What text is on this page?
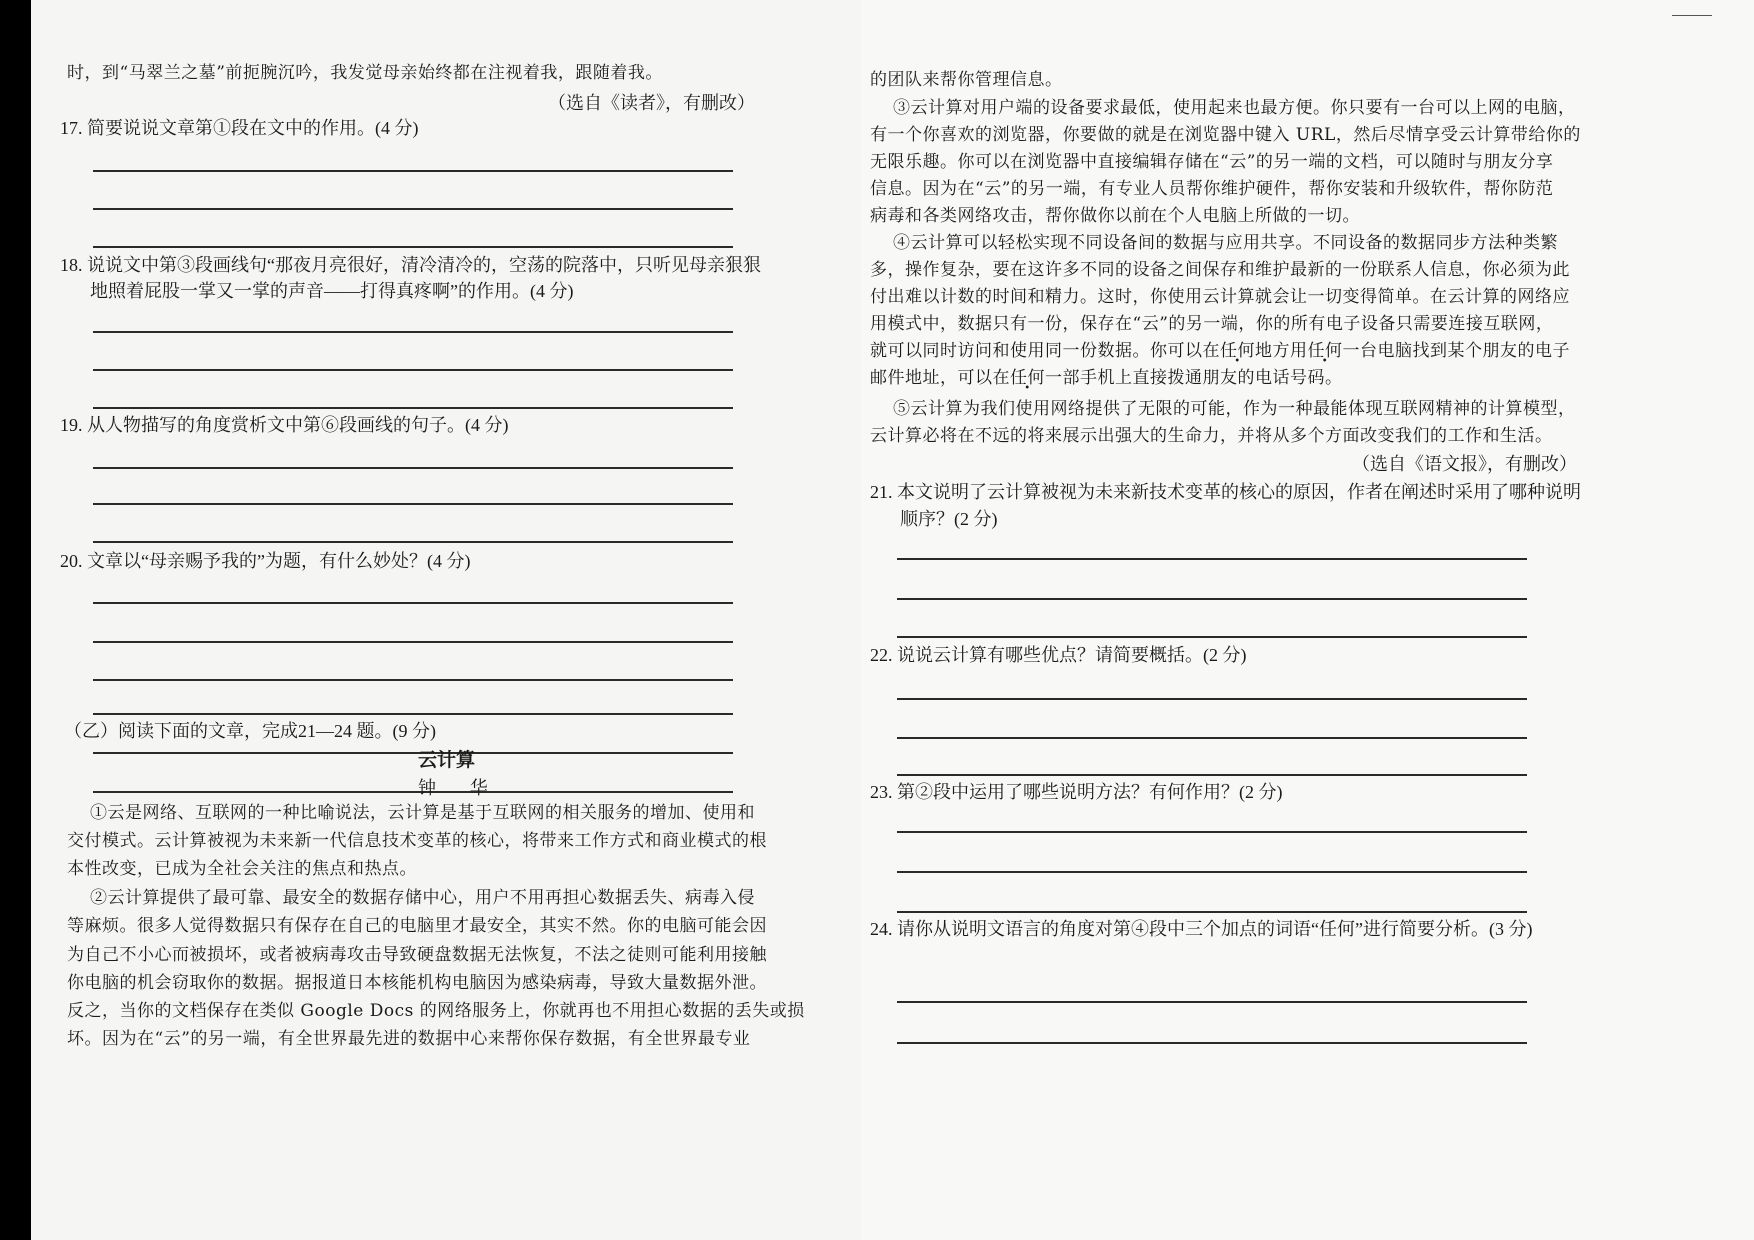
时，到“马翠兰之墓”前扼腕沉吟，我发觉母亲始终都在注视着我，跟随着我。
（选自《读者》，有删改）
17. 简要说说文章第①段在文中的作用。(4 分)
18. 说说文中第③段画线句“那夜月亮很好，清冷清冷的，空荡的院落中，只听见母亲狠狠
地照着屁股一掌又一掌的声音——打得真疼啊”的作用。(4 分)
19. 从人物描写的角度赏析文中第⑥段画线的句子。(4 分)
20. 文章以“母亲赐予我的”为题，有什么妙处？(4 分)
（乙）阅读下面的文章，完成21—24 题。(9 分)
云计算
钟 华
①云是网络、互联网的一种比喻说法，云计算是基于互联网的相关服务的增加、使用和
交付模式。云计算被视为未来新一代信息技术变革的核心，将带来工作方式和商业模式的根
本性改变，已成为全社会关注的焦点和热点。
②云计算提供了最可靠、最安全的数据存储中心，用户不用再担心数据丢失、病毒入侵
等麻烦。很多人觉得数据只有保存在自己的电脑里才最安全，其实不然。你的电脑可能会因
为自己不小心而被损坏，或者被病毒攻击导致硬盘数据无法恢复，不法之徒则可能利用接触
你电脑的机会窃取你的数据。据报道日本核能机构电脑因为感染病毒，导致大量数据外泄。
反之，当你的文档保存在类似 Google Docs 的网络服务上，你就再也不用担心数据的丢失或损
坏。因为在“云”的另一端，有全世界最先进的数据中心来帮你保存数据，有全世界最专业
的团队来帮你管理信息。
③云计算对用户端的设备要求最低，使用起来也最方便。你只要有一台可以上网的电脑，
有一个你喜欢的浏览器，你要做的就是在浏览器中键入 URL，然后尽情享受云计算带给你的
无限乐趣。你可以在浏览器中直接编辑存储在“云”的另一端的文档，可以随时与朋友分享
信息。因为在“云”的另一端，有专业人员帮你维护硬件，帮你安装和升级软件，帮你防范
病毒和各类网络攻击，帮你做你以前在个人电脑上所做的一切。
④云计算可以轻松实现不同设备间的数据与应用共享。不同设备的数据同步方法种类繁
多，操作复杂，要在这许多不同的设备之间保存和维护最新的一份联系人信息，你必须为此
付出难以计数的时间和精力。这时，你使用云计算就会让一切变得简单。在云计算的网络应
用模式中，数据只有一份，保存在“云”的另一端，你的所有电子设备只需要连接互联网，
就可以同时访问和使用同一份数据。你可以在任何地方用任何一台电脑找到某个朋友的电子
邮件地址，可以在任何一部手机上直接拨通朋友的电话号码。
⑤云计算为我们使用网络提供了无限的可能，作为一种最能体现互联网精神的计算模型，
云计算必将在不远的将来展示出强大的生命力，并将从多个方面改变我们的工作和生活。
（选自《语文报》，有删改）
21. 本文说明了云计算被视为未来新技术变革的核心的原因，作者在阐述时采用了哪种说明
顺序？(2 分)
22. 说说云计算有哪些优点？请简要概括。(2 分)
23. 第②段中运用了哪些说明方法？有何作用？(2 分)
24. 请你从说明文语言的角度对第④段中三个加点的词语“任何”进行简要分析。(3 分)
